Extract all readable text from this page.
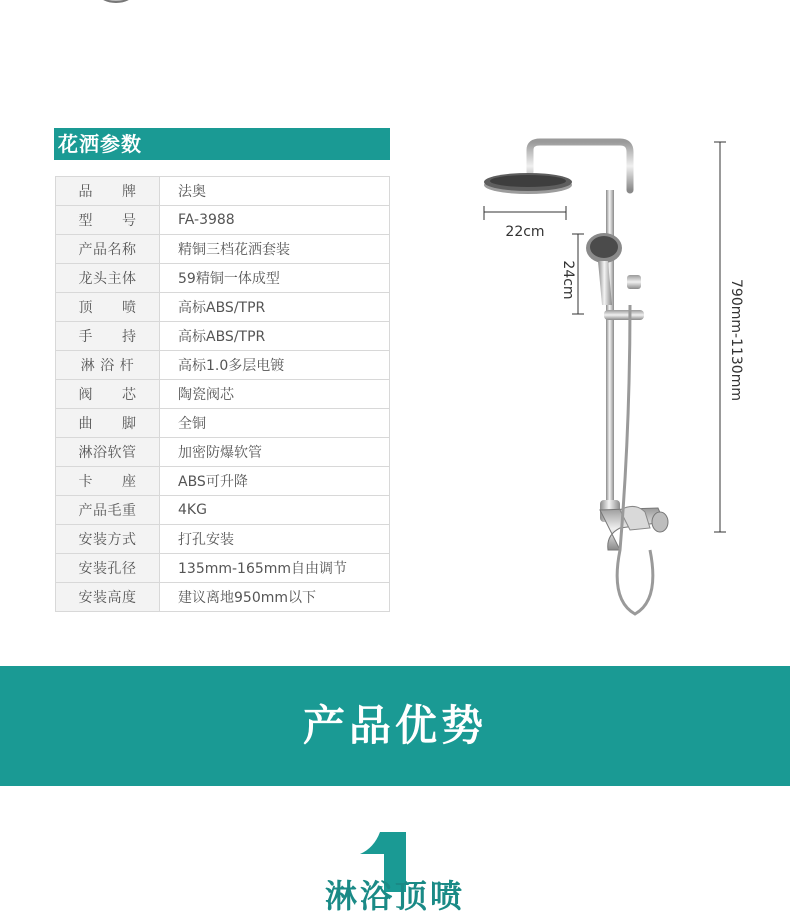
花洒参数
品　　牌	法奥
型　　号	FA-3988
产品名称	精铜三档花洒套装
龙头主体	59精铜一体成型
顶　　喷	高标ABS/TPR
手　　持	高标ABS/TPR
淋 浴 杆	高标1.0多层电镀
阀　　芯	陶瓷阀芯
曲　　脚	全铜
淋浴软管	加密防爆软管
卡　　座	ABS可升降
产品毛重	4KG
安装方式	打孔安装
安装孔径	135mm-165mm自由调节
安装高度	建议离地950mm以下
22cm
24cm	790mm-1130mm
产品优势
淋浴顶喷
